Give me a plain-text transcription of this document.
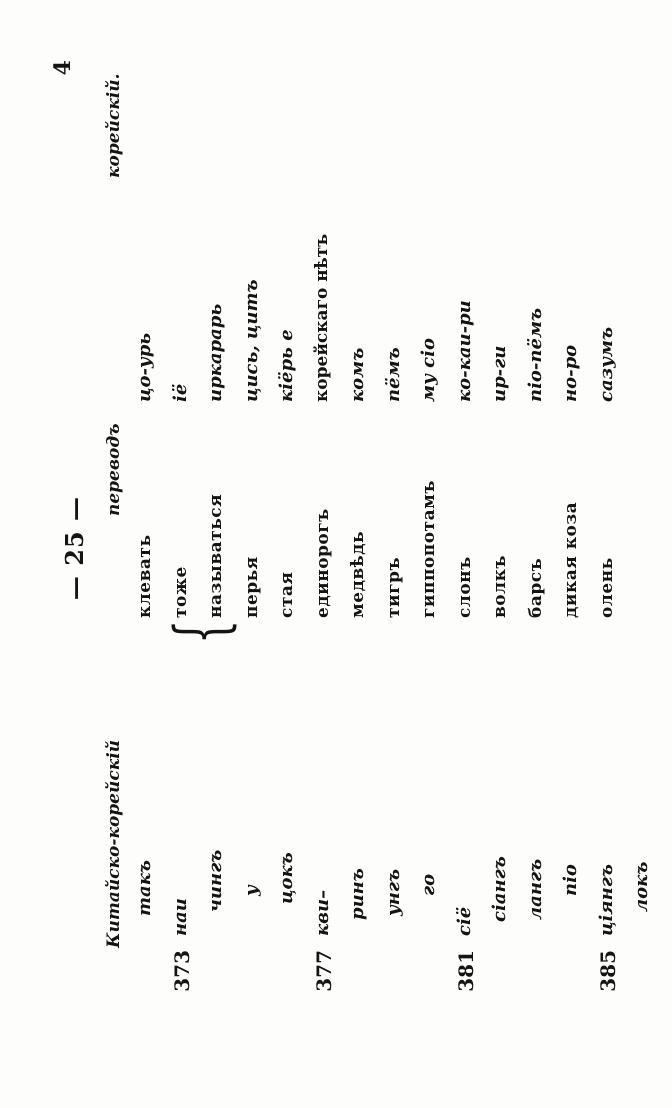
— 25 —
4
Китайско-корейскій
переводъ
корейскій.
{
такъ
клевать
цо-урь
373
наи
тоже
іё
чингъ
называться
иркарарь
у
перья
цись, цитъ
цокъ
стая
кіёрь е
377
кви–
единорогъ
корейскаго нѣтъ
ринъ
медвѣдь
комъ
унгъ
тигръ
пёмъ
го
гиппопотамъ
му сіо
381
сіё
слонъ
ко-каи-ри
сіангъ
волкъ
ир-ги
лангъ
барсъ
піо-пёмъ
піо
дикая коза
но-ро
385
ціянгъ
олень
сазумъ
локъ
